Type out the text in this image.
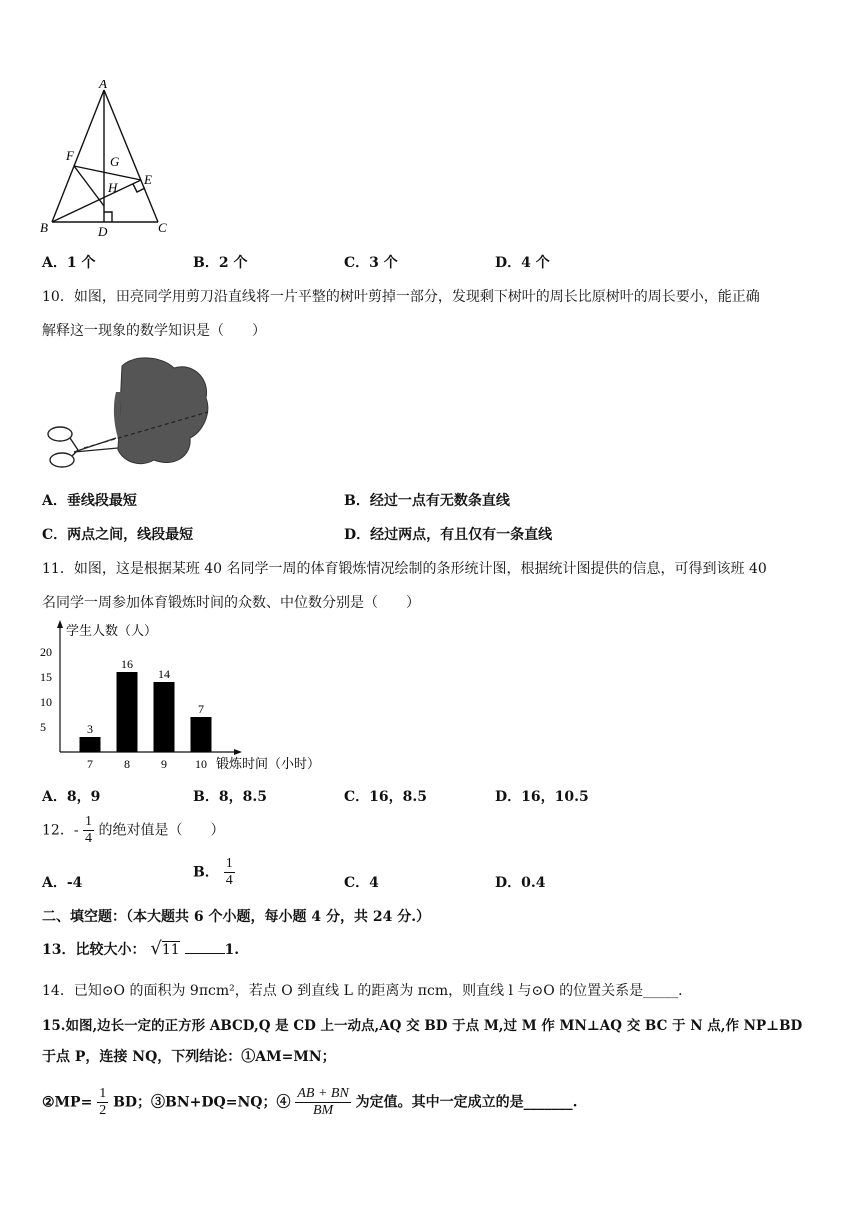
A
F	G
E
H
B	D	C
A．1 个	B．2 个	C．3 个	D．4 个
10．如图，田亮同学用剪刀沿直线将一片平整的树叶剪掉一部分，发现剩下树叶的周长比原树叶的周长要小，能正确
解释这一现象的数学知识是（　　）
A．垂线段最短	B．经过一点有无数条直线
C．两点之间，线段最短	D．经过两点，有且仅有一条直线
11．如图，这是根据某班 40 名同学一周的体育锻炼情况绘制的条形统计图，根据统计图提供的信息，可得到该班 40
名同学一周参加体育锻炼时间的众数、中位数分别是（　　）
学生人数（人）
锻炼时间（小时）
5
10
15
20
3
7
16
8
14
9
7
10
A．8，9	B．8，8.5	C．16，8.5	D．16，10.5
12．- $\frac{1}{4}$ 的绝对值是（　　）
A．-4
B． $\frac{1}{4}$	C．4	D．0.4
二、填空题：（本大题共 6 个小题，每小题 4 分，共 24 分.）
13．比较大小： √11	1.
14．已知⊙O 的面积为 9πcm²，若点 O 到直线 L 的距离为 πcm，则直线 l 与⊙O 的位置关系是_____．
15.如图,边长一定的正方形 ABCD,Q 是 CD 上一动点,AQ 交 BD 于点 M,过 M 作 MN⊥AQ 交 BC 于 N 点,作 NP⊥BD
于点 P，连接 NQ，下列结论：①AM=MN；
②MP= $\frac{1}{2}$ BD；③BN+DQ=NQ；④ $\frac{AB + BN}{BM}$ 为定值。其中一定成立的是_______.
